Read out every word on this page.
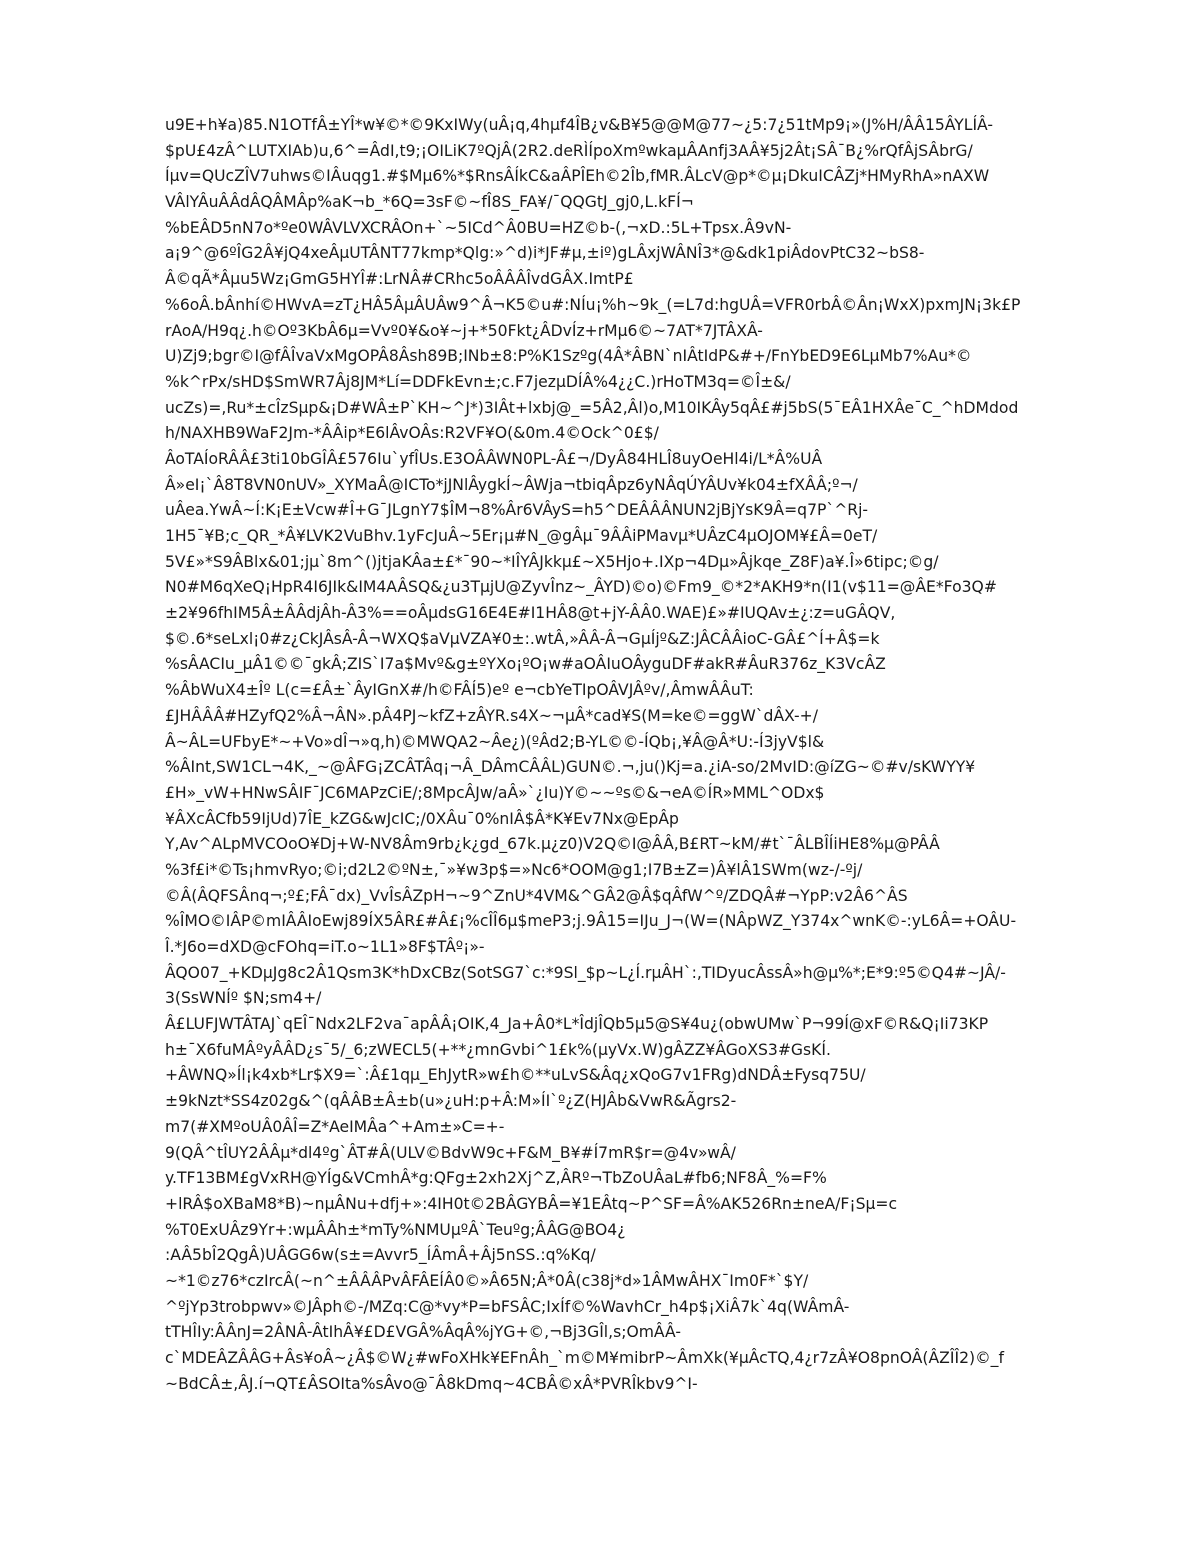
u9E+h¥a)85.N1OTfÂ±YÎ*w¥©*©9KxIWy(uÂ¡q,4hµf4ÎB¿v&B¥5@@M@77~¿5:7¿51tMp9¡»(J%H/ÂÂ15ÂYLÍÂ-
$pU£4zÂ^LUTXIAb)u,6^=ÂdI,t9;¡OILiK7ºQjÂ(2R2.deRÌÍpoXmºwkaµÂAnfj3AÂ¥5j2Ât¡SÂ¯B¿%rQfÂjSÂbrG/
Íµv=QUcZÎV7uhws©IÂuqg1.#$Mµ6%*$RnsÂÍkC&aÂPÎEh©2Îb,fMR.ÂLcV@p*©µ¡DkuICÂZj*HMyRhA»nAXW
VÂlYÂuÂÂdÂQÂMÂp%aK¬b_*6Q=3sF©~fÎ8S_FA¥/¯QQGtJ_gj0,L.kFÍ¬
%bEÂD5nN7o*ºe0WÂVLVXCRÂOn+`~5ICd^Â0BU=HZ©b-(,¬xD.:5L+Tpsx.Â9vN-
a¡9^@6ºÎG2Â¥jQ4xeÂµUTÂNT77kmp*Qlg:»^d)i*JF#µ,±iº)gLÂxjWÂNÎ3*@&dk1piÂdovPtC32~bS8-
Â©qÃ*Âµu5Wz¡GmG5HYÎ#:LrNÂ#CRhc5oÂÂÂÎvdGÂX.ImtP£
%6oÂ.bÂnhí©HWvA=zT¿HÂ5ÂµÂUÂw9^Â¬K5©u#:NÍu¡%h~9k_(=L7d:hgUÂ=VFR0rbÂ©Ân¡WxX)pxmJN¡3k£P
rAoA/H9q¿.h©Oº3KbÂ6µ=Vvº0¥&o¥~j+*50Fkt¿ÂDvÍz+rMµ6©~7AT*7JTÂXÂ-
U)Zj9;bgr©I@fÂÎvaVxMgOPÂ8Âsh89B;INb±8:P%K1Szºg(4Â*ÂBN`nIÂtIdP&#+/FnYbED9E6LµMb7%Au*©
%k^rPx/sHD$SmWR7Âj8JM*Lí=DDFkEvn±;c.F7jezµDÍÂ%4¿¿C.)rHoTM3q=©Î±&/
ucZs)=,Ru*±cÎzSµp&¡D#WÂ±P`KH~^J*)3IÂt+lxbj@_=5Â2,Âl)o,M10IKÂy5qÂ£#j5bS(5¯EÂ1HXÂe¯C_^hDMdod
h/NAXHB9WaF2Jm-*ÂÂip*E6lÂvOÂs:R2VF¥O(&0m.4©Ock^0£$/
ÂoTAÍoRÂÂ£3ti10bGÎÂ£576Iu`yfÎUs.E3OÂÂWN0PL-Â£¬/DyÂ84HLÎ8uyOeHl4i/L*Â%UÂ
Â»eI¡`Â8T8VN0nUV»_XYMaÂ@ICTo*jJNlÂygkÍ~ÂWja¬tbiqÂpz6yNÂqÚYÂUv¥k04±fXÂÂ;º¬/
uÂea.YwÂ~Í:K¡E±Vcw#Î+G¯JLgnY7$ÎM¬8%Âr6VÂyS=h5^DEÂÂÂNUN2jBjYsK9Â=q7P`^Rj-
1H5¯¥B;c_QR_*Â¥LVK2VuBhv.1yFcJuÂ~5Er¡µ#N_@gÂµ¯9ÂÂiPMavµ*UÂzC4µOJOM¥£Â=0eT/
5V£»*S9ÂBlx&01;jµ`8m^()jtjaKÂa±£*¯90~*IÎYÂJkkµ£~X5Hjo+.IXp¬4Dµ»Âjkqe_Z8F)a¥.Î»6tipc;©g/
N0#M6qXeQ¡HpR4I6JIk&IM4AÂSQ&¿u3TµjU@ZyvÎnz~_ÂYD)©o)©Fm9_©*2*AKH9*n(I1(v$11=@ÂE*Fo3Q#
±2¥96fhIM5Â±ÂÂdjÂh-Â3%==oÂµdsG16E4E#I1HÂ8@t+jY-ÂÂ0.WAE)£»#IUQAv±¿:z=uGÂQV,
$©.6*seLxl¡0#z¿CkJÂsÂ-Â¬WXQ$aVµVZA¥0±:.wtÂ,»ÂÂ-Â¬GµÍjº&Z:JÂCÂÂioC-GÂ£^Í+Â$=k
%sÂACIu_µÂ1©©¯gkÂ;ZIS`I7a$Mvº&g±ºYXo¡ºO¡w#aOÂIuOÂyguDF#akR#ÂuR376z_K3VcÂZ
%ÂbWuX4±Îº L(c=£Â±`ÂyIGnX#/h©FÂÍ5)eº e¬cbYeTIpOÂVJÂºv/,ÂmwÂÂuT:
£JHÂÂÂ#HZyfQ2%Â¬ÂN».pÂ4PJ~kfZ+zÂYR.s4X~¬µÂ*cad¥S(M=ke©=ggW`dÂX-+/
Â~ÂL=UFbyE*~+Vo»dÎ¬»q,h)©MWQA2~Âe¿)(ºÂd2;B-YL©©-ÍQb¡,¥Â@Â*U:-Í3jyV$l&
%ÂInt,SW1CL¬4K,_~@ÂFG¡ZCÂTÂq¡¬Â_DÂmCÂÂL)GUN©.¬,ju()Kj=a.¿iA-so/2MvID:@íZG~©#v/sKWYY¥
£H»_vW+HNwSÂIF¯JC6MAPzCiE/;8MpcÂJw/aÂ»`¿Iu)Y©~~ºs©&¬eA©ÍR»MML^ODx$
¥ÂXcÂCfb59IjUd)7ÎE_kZG&wJcIC;/0XÂu¯0%nIÂ$Â*K¥Ev7Nx@EpÂp
Y,Av^ALpMVCOoO¥Dj+W-NV8Âm9rb¿k¿gd_67k.µ¿z0)V2Q©I@ÂÂ,B£RT~kM/#t`¯ÂLBÎÍiHE8%µ@PÂÂ
%3f£i*©Ts¡hmvRyo;©i;d2L2©ºN±,¯»¥w3p$=»Nc6*OOM@g1;I7B±Z=)Â¥lÂ1SWm(wz-/-ºj/
©Â(ÂQFSÂnq¬;º£;FÂ¯dx)_VvÎsÂZpH¬~9^ZnU*4VM&^GÂ2@Â$qÂfW^º/ZDQÂ#¬YpP:v2Â6^ÂS
%ÎMO©IÂP©mIÂÂIoEwj89ÍX5ÂR£#Â£¡%cÎÎ6µ$meP3;j.9Â15=IJu_J¬(W=(NÂpWZ_Y374x^wnK©-:yL6Â=+OÂU-
Î.*J6o=dXD@cFOhq=iT.o~1L1»8F$TÂº¡»-
ÂQO07_+KDµJg8c2Â1Qsm3K*hDxCBz(SotSG7`c:*9Sl_$p~L¿Í.rµÂH`:,TIDyucÂssÂ»h@µ%*;E*9:º5©Q4#~JÂ/-
3(SsWNÍº $N;sm4+/
Â£LUFJWTÂTAJ`qEÎ¯Ndx2LF2va¯apÂÂ¡OIK,4_Ja+Â0*L*ÎdjÎQb5µ5@S¥4u¿(obwUMw`P¬99Í@xF©R&Q¡Ii73KP
h±¯X6fuMÂºyÂÂD¿s¯5/_6;zWECL5(+**¿mnGvbi^1£k%(µyVx.W)gÂZZ¥ÂGoXS3#GsKÍ.
+ÂWNQ»Íl¡k4xb*Lr$X9=`:Â£1qµ_EhJytR»w£h©**uLvS&Âq¿xQoG7v1FRg)dNDÂ±Fysq75U/
±9kNzt*SS4z02g&^(qÂÂB±Â±b(u»¿uH:p+Â:M»ÍI`º¿Z(HJÂb&VwR&Ãgrs2-
m7(#XMºoUÂ0ÂÎ=Z*AeIMÂa^+Am±»C=+-
9(QÂ^tÎUY2ÂÂµ*dl4ºg`ÂT#Â(ULV©BdvW9c+F&M_B¥#Í7mR$r=@4v»wÂ/
y.TF13BM£gVxRH@YÍg&VCmhÂ*g:QFg±2xh2Xj^Z,ÂRº¬TbZoUÂaL#fb6;NF8Â_%=F%
+lRÂ$oXBaM8*B)~nµÂNu+dfj+»:4IH0t©2BÂGYBÂ=¥1EÂtq~P^SF=Â%AK526Rn±neA/F¡Sµ=c
%T0ExUÂz9Yr+:wµÂÂh±*mTy%NMUµºÂ`Teuºg;ÂÂG@BO4¿
:AÂ5bÎ2QgÂ)UÂGG6w(s±=Avvr5_ÍÂmÂ+Âj5nSS.:q%Kq/
~*1©z76*czIrcÂ(~n^±ÂÂÂPvÂFÂEÍÂ0©»Â65N;Â*0Â(c38j*d»1ÂMwÂHX¯Im0F*`$Y/
^ºjYp3trobpwv»©JÂph©-/MZq:C@*vy*P=bFSÂC;IxÍf©%WavhCr_h4p$¡XiÂ7k`4q(WÂmÂ-
tTHÎIy:ÂÂnJ=2ÂNÂ-ÂtIhÂ¥£D£VGÂ%ÂqÂ%jYG+©,¬Bj3GÎl,s;OmÂÂ-
c`MDEÂZÂÂG+Âs¥oÂ~¿Â$©W¿#wFoXHk¥EFnÂh_`m©M¥mibrP~ÂmXk(¥µÂcTQ,4¿r7zÂ¥O8pnOÂ(ÂZÎÎ2)©_f
~BdCÂ±,ÂJ.í¬QT£ÂSOIta%sÂvo@¯Â8kDmq~4CBÂ©xÂ*PVRÎkbv9^I-
